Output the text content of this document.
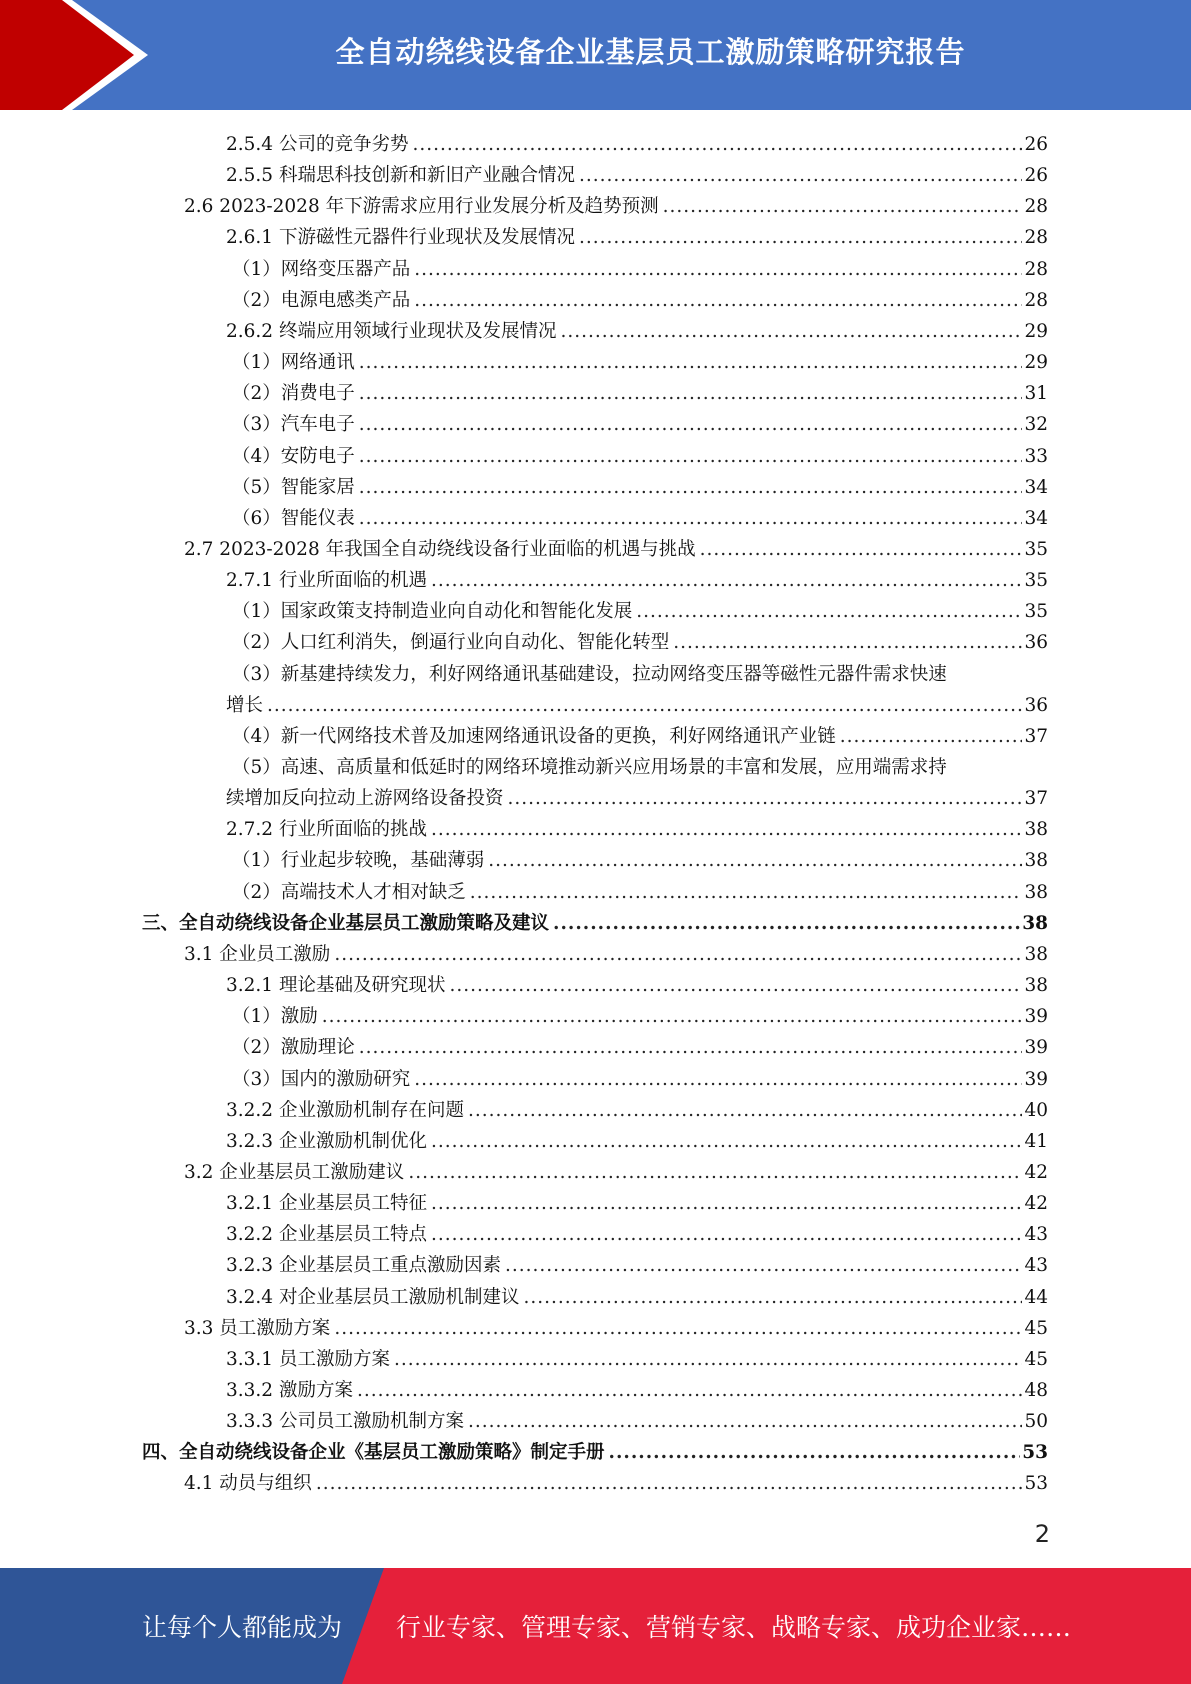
全自动绕线设备企业基层员工激励策略研究报告
2.5.4 公司的竞争劣势 .....	26
2.5.5 科瑞思科技创新和新旧产业融合情况 .....	26
2.6 2023-2028 年下游需求应用行业发展分析及趋势预测 .....	28
2.6.1 下游磁性元器件行业现状及发展情况 .....	28
（1）网络变压器产品 .....	28
（2）电源电感类产品 .....	28
2.6.2 终端应用领域行业现状及发展情况 .....	29
（1）网络通讯 .....	29
（2）消费电子 .....	31
（3）汽车电子 .....	32
（4）安防电子 .....	33
（5）智能家居 .....	34
（6）智能仪表 .....	34
2.7 2023-2028 年我国全自动绕线设备行业面临的机遇与挑战 .....	35
2.7.1 行业所面临的机遇 .....	35
（1）国家政策支持制造业向自动化和智能化发展 .....	35
（2）人口红利消失，倒逼行业向自动化、智能化转型 .....	36
（3）新基建持续发力，利好网络通讯基础建设，拉动网络变压器等磁性元器件需求快速
增长 .....	36
（4）新一代网络技术普及加速网络通讯设备的更换，利好网络通讯产业链 .....	37
（5）高速、高质量和低延时的网络环境推动新兴应用场景的丰富和发展，应用端需求持
续增加反向拉动上游网络设备投资 .....	37
2.7.2 行业所面临的挑战 .....	38
（1）行业起步较晚，基础薄弱 .....	38
（2）高端技术人才相对缺乏 .....	38
三、全自动绕线设备企业基层员工激励策略及建议 .....	38
3.1 企业员工激励 .....	38
3.2.1 理论基础及研究现状 .....	38
（1）激励 .....	39
（2）激励理论 .....	39
（3）国内的激励研究 .....	39
3.2.2 企业激励机制存在问题 .....	40
3.2.3 企业激励机制优化 .....	41
3.2 企业基层员工激励建议 .....	42
3.2.1 企业基层员工特征 .....	42
3.2.2 企业基层员工特点 .....	43
3.2.3 企业基层员工重点激励因素 .....	43
3.2.4 对企业基层员工激励机制建议 .....	44
3.3 员工激励方案 .....	45
3.3.1 员工激励方案 .....	45
3.3.2 激励方案 .....	48
3.3.3 公司员工激励机制方案 .....	50
四、全自动绕线设备企业《基层员工激励策略》制定手册 .....	53
4.1 动员与组织 .....	53
2
让每个人都能成为 行业专家、管理专家、营销专家、战略专家、成功企业家……
